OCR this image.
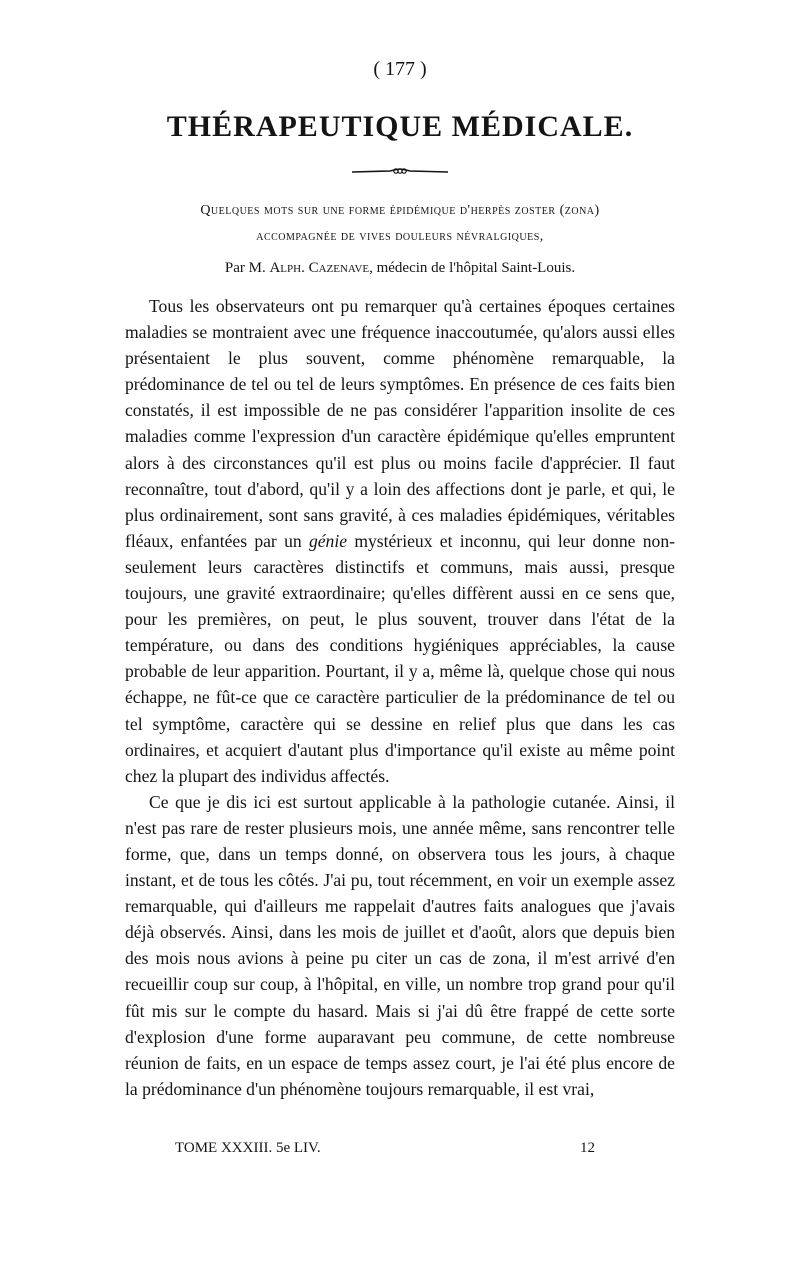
( 177 )
THÉRAPEUTIQUE MÉDICALE.
Quelques mots sur une forme épidémique d'herpès zoster (zona)
accompagnée de vives douleurs névralgiques,
Par M. Alph. Cazenave, médecin de l'hôpital Saint-Louis.

Tous les observateurs ont pu remarquer qu'à certaines époques certaines maladies se montraient avec une fréquence inaccoutumée, qu'alors aussi elles présentaient le plus souvent, comme phénomène remarquable, la prédominance de tel ou tel de leurs symptômes. En présence de ces faits bien constatés, il est impossible de ne pas considérer l'apparition insolite de ces maladies comme l'expression d'un caractère épidémique qu'elles empruntent alors à des circonstances qu'il est plus ou moins facile d'apprécier. Il faut reconnaître, tout d'abord, qu'il y a loin des affections dont je parle, et qui, le plus ordinairement, sont sans gravité, à ces maladies épidémiques, véritables fléaux, enfantées par un génie mystérieux et inconnu, qui leur donne non-seulement leurs caractères distinctifs et communs, mais aussi, presque toujours, une gravité extraordinaire; qu'elles diffèrent aussi en ce sens que, pour les premières, on peut, le plus souvent, trouver dans l'état de la température, ou dans des conditions hygiéniques appréciables, la cause probable de leur apparition. Pourtant, il y a, même là, quelque chose qui nous échappe, ne fût-ce que ce caractère particulier de la prédominance de tel ou tel symptôme, caractère qui se dessine en relief plus que dans les cas ordinaires, et acquiert d'autant plus d'importance qu'il existe au même point chez la plupart des individus affectés.

Ce que je dis ici est surtout applicable à la pathologie cutanée. Ainsi, il n'est pas rare de rester plusieurs mois, une année même, sans rencontrer telle forme, que, dans un temps donné, on observera tous les jours, à chaque instant, et de tous les côtés. J'ai pu, tout récemment, en voir un exemple assez remarquable, qui d'ailleurs me rappelait d'autres faits analogues que j'avais déjà observés. Ainsi, dans les mois de juillet et d'août, alors que depuis bien des mois nous avions à peine pu citer un cas de zona, il m'est arrivé d'en recueillir coup sur coup, à l'hôpital, en ville, un nombre trop grand pour qu'il fût mis sur le compte du hasard. Mais si j'ai dû être frappé de cette sorte d'explosion d'une forme auparavant peu commune, de cette nombreuse réunion de faits, en un espace de temps assez court, je l'ai été plus encore de la prédominance d'un phénomène toujours remarquable, il est vrai,

TOME XXXIII. 5e LIV.	12
